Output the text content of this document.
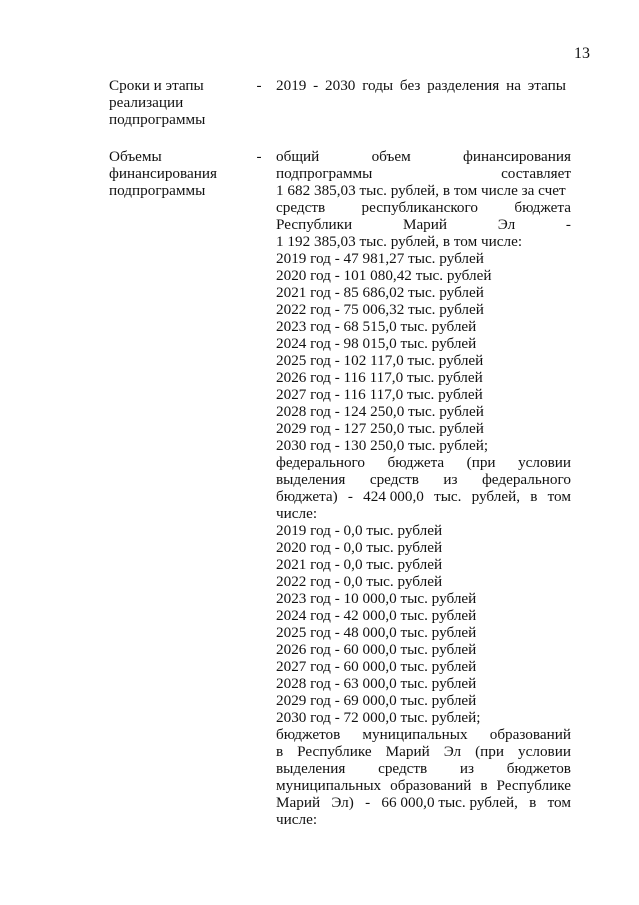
13
Сроки и этапы
реализации
подпрограммы
- 2019 - 2030 годы без разделения на этапы
Объемы
финансирования
подпрограммы
- общий	объем	финансирования
подпрограммы	составляет
1 682 385,03 тыс. рублей, в том числе за счет
средств республиканского бюджета
Республики	Марий	Эл	-
1 192 385,03 тыс. рублей, в том числе:
2019 год - 47 981,27 тыс. рублей
2020 год - 101 080,42 тыс. рублей
2021 год - 85 686,02 тыс. рублей
2022 год - 75 006,32 тыс. рублей
2023 год - 68 515,0 тыс. рублей
2024 год - 98 015,0 тыс. рублей
2025 год - 102 117,0 тыс. рублей
2026 год - 116 117,0 тыс. рублей
2027 год - 116 117,0 тыс. рублей
2028 год - 124 250,0 тыс. рублей
2029 год - 127 250,0 тыс. рублей
2030 год - 130 250,0 тыс. рублей;
федерального бюджета (при условии
выделения средств из федерального
бюджета) - 424 000,0 тыс. рублей, в том
числе:
2019 год - 0,0 тыс. рублей
2020 год - 0,0 тыс. рублей
2021 год - 0,0 тыс. рублей
2022 год - 0,0 тыс. рублей
2023 год - 10 000,0 тыс. рублей
2024 год - 42 000,0 тыс. рублей
2025 год - 48 000,0 тыс. рублей
2026 год - 60 000,0 тыс. рублей
2027 год - 60 000,0 тыс. рублей
2028 год - 63 000,0 тыс. рублей
2029 год - 69 000,0 тыс. рублей
2030 год - 72 000,0 тыс. рублей;
бюджетов муниципальных образований
в Республике Марий Эл (при условии
выделения средств из бюджетов
муниципальных образований в Республике
Марий Эл) - 66 000,0 тыс. рублей, в том
числе:
